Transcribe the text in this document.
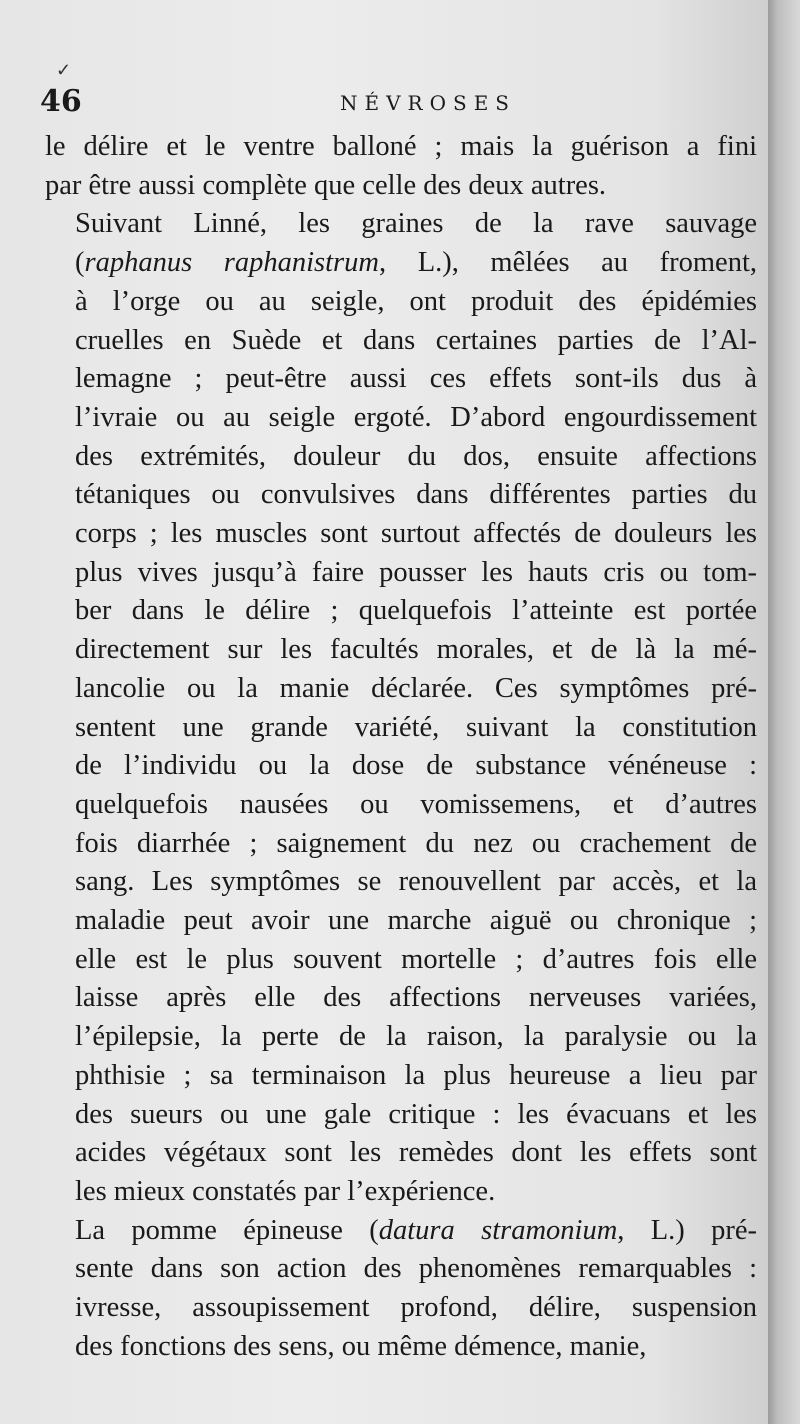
✓
46	NÉVROSES

le délire et le ventre balloné ; mais la guérison a fini
par être aussi complète que celle des deux autres.

Suivant Linné, les graines de la rave sauvage
(raphanus raphanistrum, L.), mêlées au froment,
à l’orge ou au seigle, ont produit des épidémies
cruelles en Suède et dans certaines parties de l’Al-
lemagne ; peut-être aussi ces effets sont-ils dus à
l’ivraie ou au seigle ergoté. D’abord engourdissement
des extrémités, douleur du dos, ensuite affections
tétaniques ou convulsives dans différentes parties du
corps ; les muscles sont surtout affectés de douleurs les
plus vives jusqu’à faire pousser les hauts cris ou tom-
ber dans le délire ; quelquefois l’atteinte est portée
directement sur les facultés morales, et de là la mé-
lancolie ou la manie déclarée. Ces symptômes pré-
sentent une grande variété, suivant la constitution
de l’individu ou la dose de substance vénéneuse :
quelquefois nausées ou vomissemens, et d’autres
fois diarrhée ; saignement du nez ou crachement de
sang. Les symptômes se renouvellent par accès, et la
maladie peut avoir une marche aiguë ou chronique ;
elle est le plus souvent mortelle ; d’autres fois elle
laisse après elle des affections nerveuses variées,
l’épilepsie, la perte de la raison, la paralysie ou la
phthisie ; sa terminaison la plus heureuse a lieu par
des sueurs ou une gale critique : les évacuans et les
acides végétaux sont les remèdes dont les effets sont
les mieux constatés par l’expérience.

La pomme épineuse (datura stramonium, L.) pré-
sente dans son action des phenomènes remarquables :
ivresse, assoupissement profond, délire, suspension
des fonctions des sens, ou même démence, manie,
